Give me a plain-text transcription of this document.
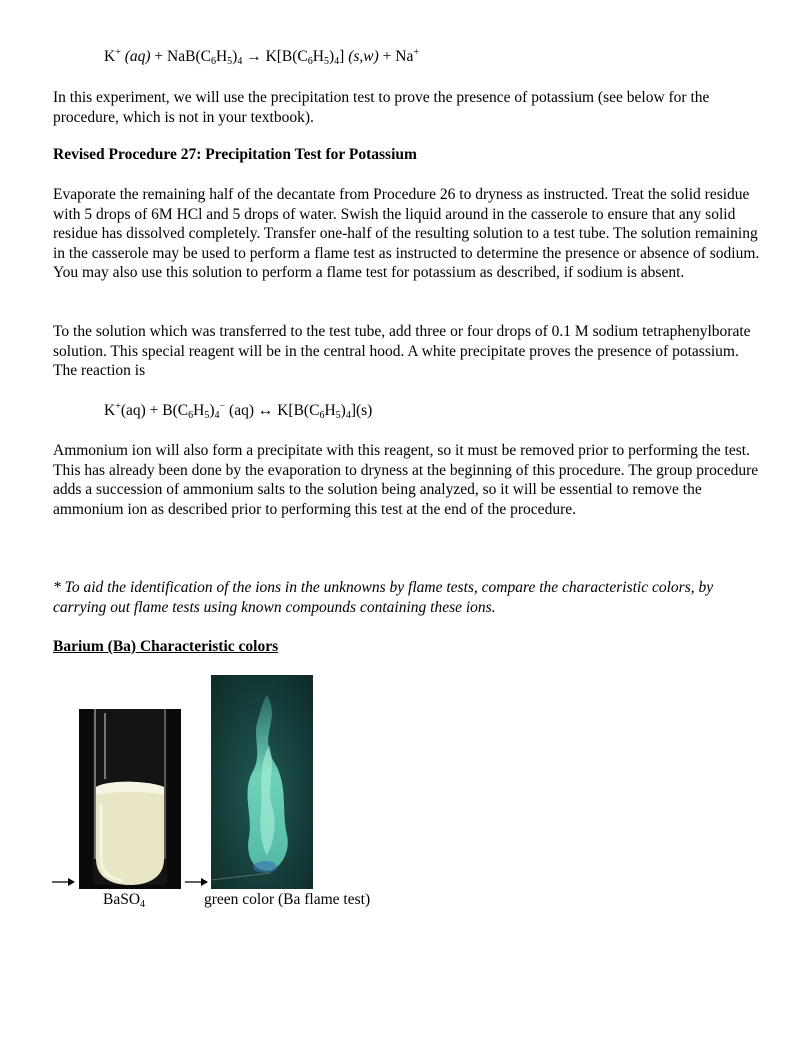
K+ $(aq) + NaB(C_6H_5)_4 \to K[B(C_6H_5)_4] (s,w) + Na^+$

In this experiment, we will use the precipitation test to prove the presence of potassium (see below for the procedure, which is not in your textbook).

Revised Procedure 27: Precipitation Test for Potassium

Evaporate the remaining half of the decantate from Procedure 26 to dryness as instructed. Treat the solid residue with 5 drops of 6M HCl and 5 drops of water. Swish the liquid around in the casserole to ensure that any solid residue has dissolved completely. Transfer one-half of the resulting solution to a test tube. The solution remaining in the casserole may be used to perform a flame test as instructed to determine the presence or absence of sodium. You may also use this solution to perform a flame test for potassium as described, if sodium is absent.

To the solution which was transferred to the test tube, add three or four drops of 0.1 M sodium tetraphenylborate solution. This special reagent will be in the central hood. A white precipitate proves the presence of potassium. The reaction is

$K^+(aq) + B(C_6H_5)_4^-$ (aq) ↔ $K[B(C_6H_5)_4](s)$

Ammonium ion will also form a precipitate with this reagent, so it must be removed prior to performing the test. This has already been done by the evaporation to dryness at the beginning of this procedure. The group procedure adds a succession of ammonium salts to the solution being analyzed, so it will be essential to remove the ammonium ion as described prior to performing this test at the end of the procedure.

* To aid the identification of the ions in the unknowns by flame tests, compare the characteristic colors, by carrying out flame tests using known compounds containing these ions.

Barium (Ba) Characteristic colors
BaSO$_4$	green color (Ba flame test)
